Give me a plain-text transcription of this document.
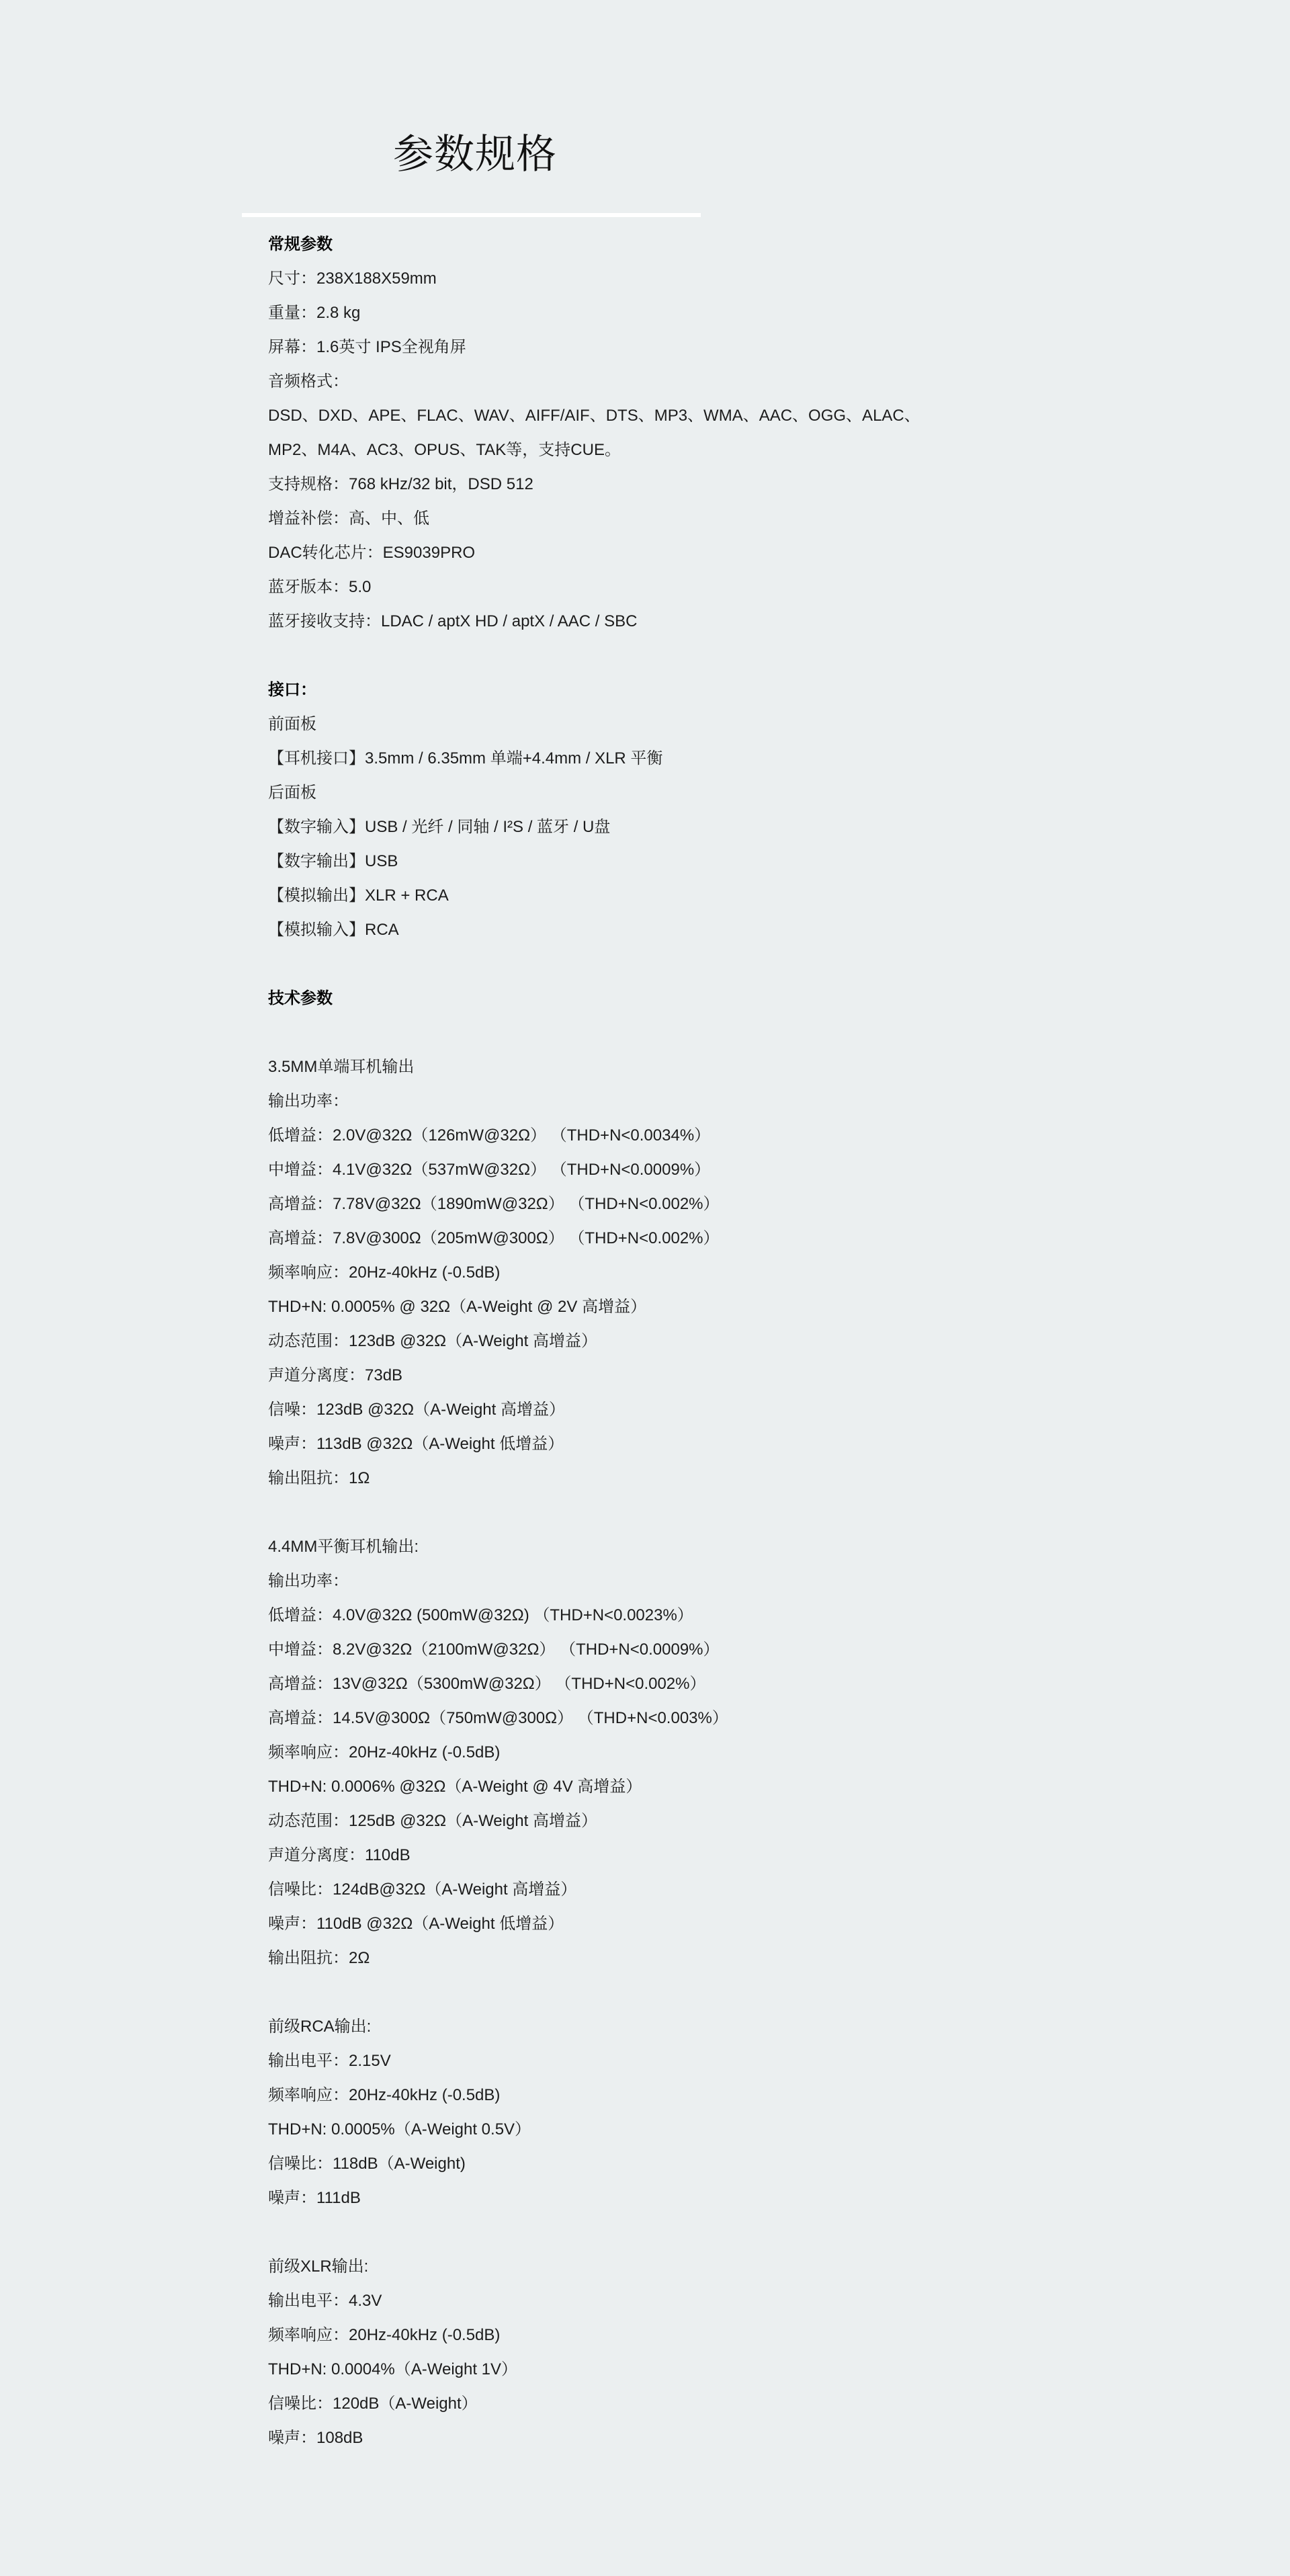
参数规格

常规参数

尺寸：238X188X59mm

重量：2.8 kg

屏幕：1.6英寸 IPS全视角屏

音频格式：

DSD、DXD、APE、FLAC、WAV、AIFF/AIF、DTS、MP3、WMA、AAC、OGG、ALAC、

MP2、M4A、AC3、OPUS、TAK等，支持CUE。

支持规格：768 kHz/32 bit，DSD 512

增益补偿：高、中、低

DAC转化芯片：ES9039PRO

蓝牙版本：5.0

蓝牙接收支持：LDAC / aptX HD / aptX / AAC / SBC

接口：

前面板

【耳机接口】3.5mm / 6.35mm 单端+4.4mm / XLR 平衡

后面板

【数字输入】USB / 光纤 / 同轴 / I²S / 蓝牙 / U盘

【数字输出】USB

【模拟输出】XLR + RCA

【模拟输入】RCA

技术参数

3.5MM单端耳机输出

输出功率：

低增益：2.0V@32Ω（126mW@32Ω） （THD+N<0.0034%）

中增益：4.1V@32Ω（537mW@32Ω） （THD+N<0.0009%）

高增益：7.78V@32Ω（1890mW@32Ω） （THD+N<0.002%）

高增益：7.8V@300Ω（205mW@300Ω） （THD+N<0.002%）

频率响应：20Hz-40kHz (-0.5dB)

THD+N: 0.0005% @ 32Ω（A-Weight @ 2V 高增益）

动态范围：123dB @32Ω（A-Weight 高增益）

声道分离度：73dB

信噪：123dB @32Ω（A-Weight 高增益）

噪声：113dB @32Ω（A-Weight 低增益）

输出阻抗：1Ω

4.4MM平衡耳机输出:

输出功率：

低增益：4.0V@32Ω (500mW@32Ω) （THD+N<0.0023%）

中增益：8.2V@32Ω（2100mW@32Ω） （THD+N<0.0009%）

高增益：13V@32Ω（5300mW@32Ω） （THD+N<0.002%）

高增益：14.5V@300Ω（750mW@300Ω） （THD+N<0.003%）

频率响应：20Hz-40kHz (-0.5dB)

THD+N: 0.0006% @32Ω（A-Weight @ 4V 高增益）

动态范围：125dB @32Ω（A-Weight 高增益）

声道分离度：110dB

信噪比：124dB@32Ω（A-Weight 高增益）

噪声：110dB @32Ω（A-Weight 低增益）

输出阻抗：2Ω

前级RCA输出:

输出电平：2.15V

频率响应：20Hz-40kHz (-0.5dB)

THD+N: 0.0005%（A-Weight 0.5V）

信噪比：118dB（A-Weight)

噪声：111dB

前级XLR输出:

输出电平：4.3V

频率响应：20Hz-40kHz (-0.5dB)

THD+N: 0.0004%（A-Weight 1V）

信噪比：120dB（A-Weight）

噪声：108dB
